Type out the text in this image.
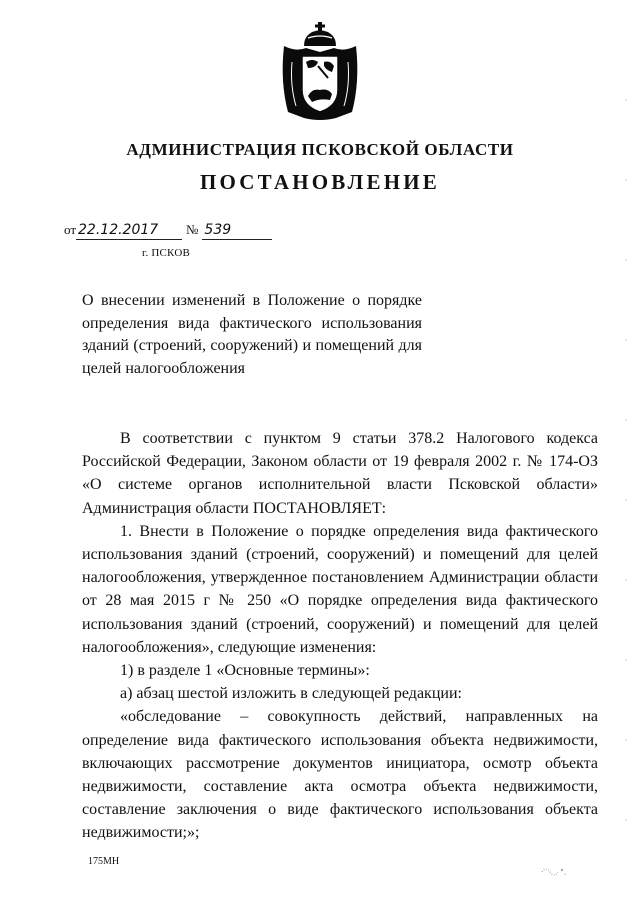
АДМИНИСТРАЦИЯ ПСКОВСКОЙ ОБЛАСТИ
ПОСТАНОВЛЕНИЕ
от 22.12.2017 № 539
г. ПСКОВ
О внесении изменений в Положение о порядке определения вида фактического использования зданий (строений, сооружений) и помещений для целей налогообложения

В соответствии с пунктом 9 статьи 378.2 Налогового кодекса Российской Федерации, Законом области от 19 февраля 2002 г. № 174-ОЗ «О системе органов исполнительной власти Псковской области» Администрация области ПОСТАНОВЛЯЕТ:

1. Внести в Положение о порядке определения вида фактического использования зданий (строений, сооружений) и помещений для целей налогообложения, утвержденное постановлением Администрации области от 28 мая 2015 г № 250 «О порядке определения вида фактического использования зданий (строений, сооружений) и помещений для целей налогообложения», следующие изменения:

1) в разделе 1 «Основные термины»:

а) абзац шестой изложить в следующей редакции:

«обследование – совокупность действий, направленных на определение вида фактического использования объекта недвижимости, включающих рассмотрение документов инициатора, осмотр объекта недвижимости, составление акта осмотра объекта недвижимости, составление заключения о виде фактического использования объекта недвижимости;»;

175МН
